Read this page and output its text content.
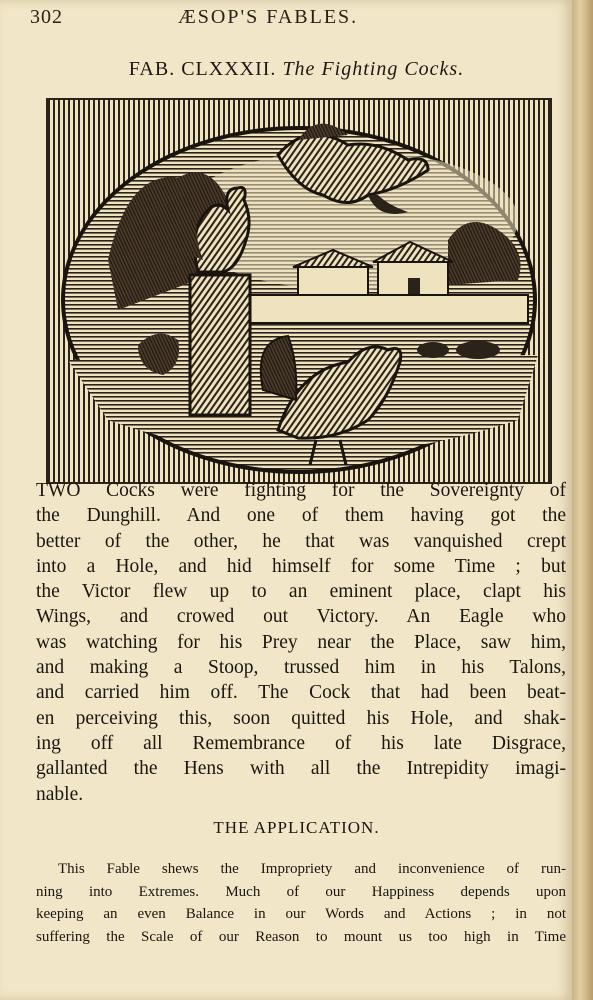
302	ÆSOP'S FABLES.
FAB. CLXXXII. The Fighting Cocks.
TWO Cocks were fighting for the Sovereignty of
the Dunghill. And one of them having got the
better of the other, he that was vanquished crept
into a Hole, and hid himself for some Time ; but
the Victor flew up to an eminent place, clapt his
Wings, and crowed out Victory. An Eagle who
was watching for his Prey near the Place, saw him,
and making a Stoop, trussed him in his Talons,
and carried him off. The Cock that had been beat-
en perceiving this, soon quitted his Hole, and shak-
ing off all Remembrance of his late Disgrace,
gallanted the Hens with all the Intrepidity imagi-
nable.
THE APPLICATION.
This Fable shews the Impropriety and inconvenience of run-
ning into Extremes. Much of our Happiness depends upon
keeping an even Balance in our Words and Actions ; in not
suffering the Scale of our Reason to mount us too high in Time
